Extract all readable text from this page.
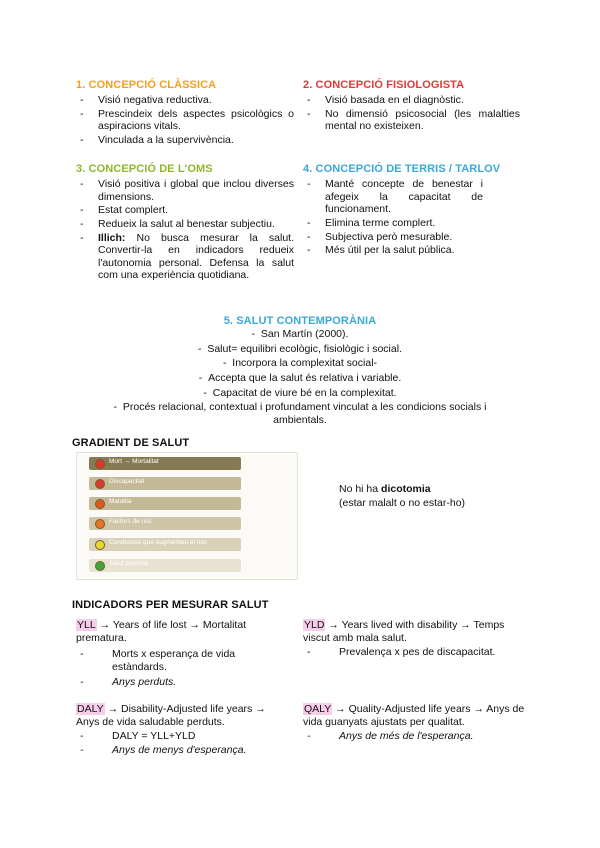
1. CONCEPCIÓ CLÀSSICA
- Visió negativa reductiva.
- Prescindeix dels aspectes psicològics o aspiracions vitals.
- Vinculada a la supervivència.
2. CONCEPCIÓ FISIOLOGISTA
- Visió basada en el diagnòstic.
- No dimensió psicosocial (les malalties mental no existeixen.
3. CONCEPCIÓ DE L'OMS
- Visió positiva i global que inclou diverses dimensions.
- Estat complert.
- Redueix la salut al benestar subjectiu.
- Illich: No busca mesurar la salut. Convertir-la en indicadors redueix l'autonomia personal. Defensa la salut com una experiència quotidiana.
4. CONCEPCIÓ DE TERRIS / TARLOV
- Manté concepte de benestar i afegeix la capacitat de funcionament.
- Elimina terme complert.
- Subjectiva però mesurable.
- Més útil per la salut pública.
5. SALUT CONTEMPORÀNIA
-  San Martín (2000).
-  Salut= equilibri ecològic, fisiològic i social.
-  Incorpora la complexitat social-
-  Accepta que la salut és relativa i variable.
-  Capacitat de viure bé en la complexitat.
-  Procés relacional, contextual i profundament vinculat a les condicions socials i ambientals.
GRADIENT DE SALUT
Mort → Mortalitat
Discapacitat
Malaltia
Factors de risc
Condicions que augmenten el risc
Salut positiva
No hi ha dicotomia
(estar malalt o no estar-ho)
INDICADORS PER MESURAR SALUT
YLL → Years of life lost → Mortalitat prematura.
- Morts x esperança de vida estàndards.
- Anys perduts.
YLD → Years lived with disability → Temps viscut amb mala salut.
- Prevalença x pes de discapacitat.
DALY → Disability-Adjusted life years → Anys de vida saludable perduts.
- DALY = YLL+YLD
- Anys de menys d'esperança.
QALY → Quality-Adjusted life years → Anys de vida guanyats ajustats per qualitat.
- Anys de més de l'esperança.
